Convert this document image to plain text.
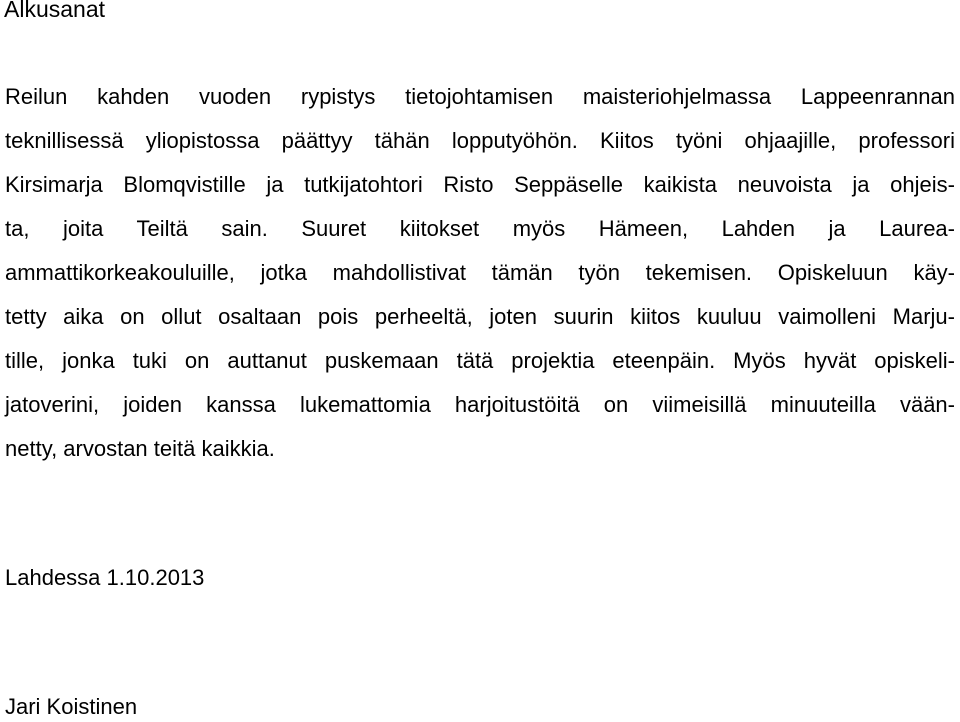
Alkusanat
Reilun kahden vuoden rypistys tietojohtamisen maisteriohjelmassa Lappeenrannan
teknillisessä yliopistossa päättyy tähän lopputyöhön. Kiitos työni ohjaajille, professori
Kirsimarja Blomqvistille ja tutkijatohtori Risto Seppäselle kaikista neuvoista ja ohjeis-
ta, joita Teiltä sain. Suuret kiitokset myös Hämeen, Lahden ja Laurea-
ammattikorkeakouluille, jotka mahdollistivat tämän työn tekemisen. Opiskeluun käy-
tetty aika on ollut osaltaan pois perheeltä, joten suurin kiitos kuuluu vaimolleni Marju-
tille, jonka tuki on auttanut puskemaan tätä projektia eteenpäin. Myös hyvät opiskeli-
jatoverini, joiden kanssa lukemattomia harjoitustöitä on viimeisillä minuuteilla vään-
netty, arvostan teitä kaikkia.
Lahdessa 1.10.2013
Jari Koistinen
